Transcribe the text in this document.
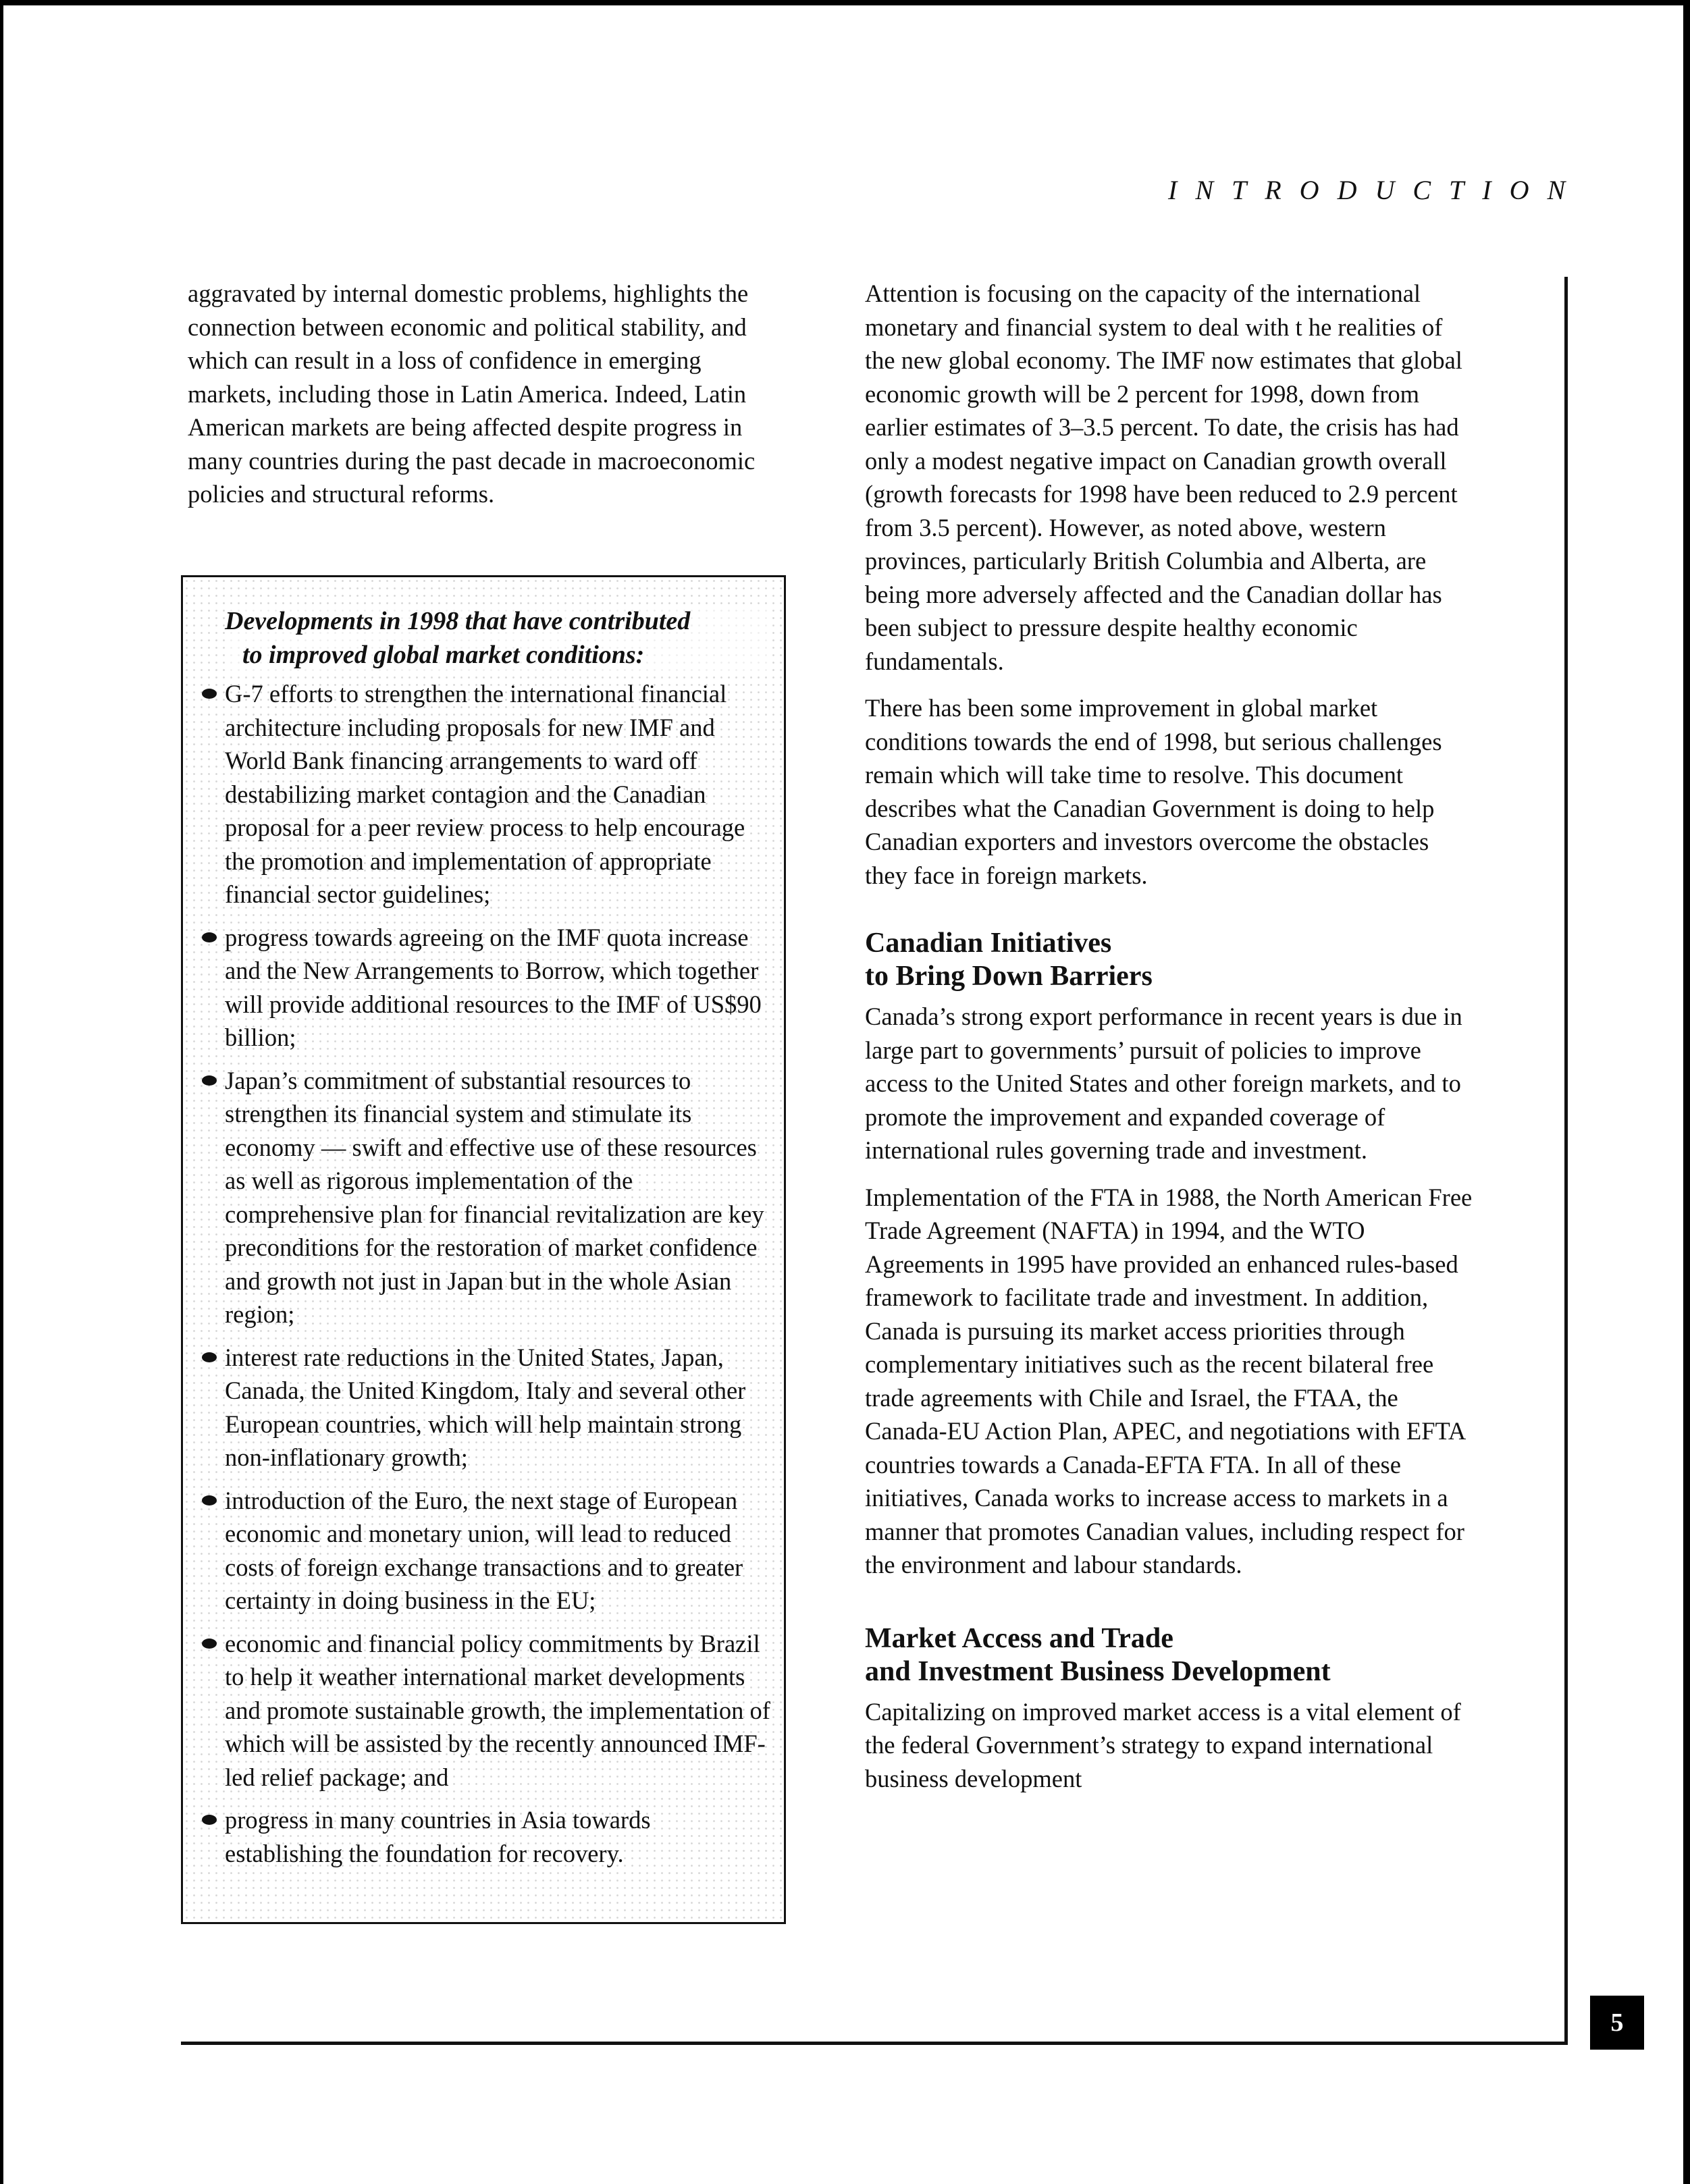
INTRODUCTION

aggravated by internal domestic problems, highlights the connection between economic and political stability, and which can result in a loss of confidence in emerging markets, including those in Latin America. Indeed, Latin American markets are being affected despite progress in many countries during the past decade in macroeconomic policies and structural reforms.

Developments in 1998 that have contributed
to improved global market conditions:
G-7 efforts to strengthen the international financial architecture including proposals for new IMF and World Bank financing arrangements to ward off destabilizing market contagion and the Canadian proposal for a peer review process to help encourage the promotion and implementation of appropriate financial sector guidelines;
progress towards agreeing on the IMF quota increase and the New Arrangements to Borrow, which together will provide additional resources to the IMF of US$90 billion;
Japan’s commitment of substantial resources to strengthen its financial system and stimulate its economy — swift and effective use of these resources as well as rigorous implementation of the comprehensive plan for financial revitalization are key preconditions for the restoration of market confidence and growth not just in Japan but in the whole Asian region;
interest rate reductions in the United States, Japan, Canada, the United Kingdom, Italy and several other European countries, which will help maintain strong non-inflationary growth;
introduction of the Euro, the next stage of European economic and monetary union, will lead to reduced costs of foreign exchange transactions and to greater certainty in doing business in the EU;
economic and financial policy commitments by Brazil to help it weather international market developments and promote sustainable growth, the implementation of which will be assisted by the recently announced IMF-led relief package; and
progress in many countries in Asia towards establishing the foundation for recovery.

Attention is focusing on the capacity of the international monetary and financial system to deal with t he realities of the new global economy. The IMF now estimates that global economic growth will be 2 percent for 1998, down from earlier estimates of 3–3.5 percent. To date, the crisis has had only a modest negative impact on Canadian growth overall (growth forecasts for 1998 have been reduced to 2.9 percent from 3.5 percent). However, as noted above, western provinces, particularly British Columbia and Alberta, are being more adversely affected and the Canadian dollar has been subject to pressure despite healthy economic fundamentals.

There has been some improvement in global market conditions towards the end of 1998, but serious challenges remain which will take time to resolve. This document describes what the Canadian Government is doing to help Canadian exporters and investors overcome the obstacles they face in foreign markets.

Canadian Initiatives
to Bring Down Barriers

Canada’s strong export performance in recent years is due in large part to governments’ pursuit of policies to improve access to the United States and other foreign markets, and to promote the improvement and expanded coverage of international rules governing trade and investment.

Implementation of the FTA in 1988, the North American Free Trade Agreement (NAFTA) in 1994, and the WTO Agreements in 1995 have provided an enhanced rules-based framework to facilitate trade and investment. In addition, Canada is pursuing its market access priorities through complementary initiatives such as the recent bilateral free trade agreements with Chile and Israel, the FTAA, the Canada-EU Action Plan, APEC, and negotiations with EFTA countries towards a Canada-EFTA FTA. In all of these initiatives, Canada works to increase access to markets in a manner that promotes Canadian values, including respect for the environment and labour standards.

Market Access and Trade
and Investment Business Development

Capitalizing on improved market access is a vital element of the federal Government’s strategy to expand international business development

5
